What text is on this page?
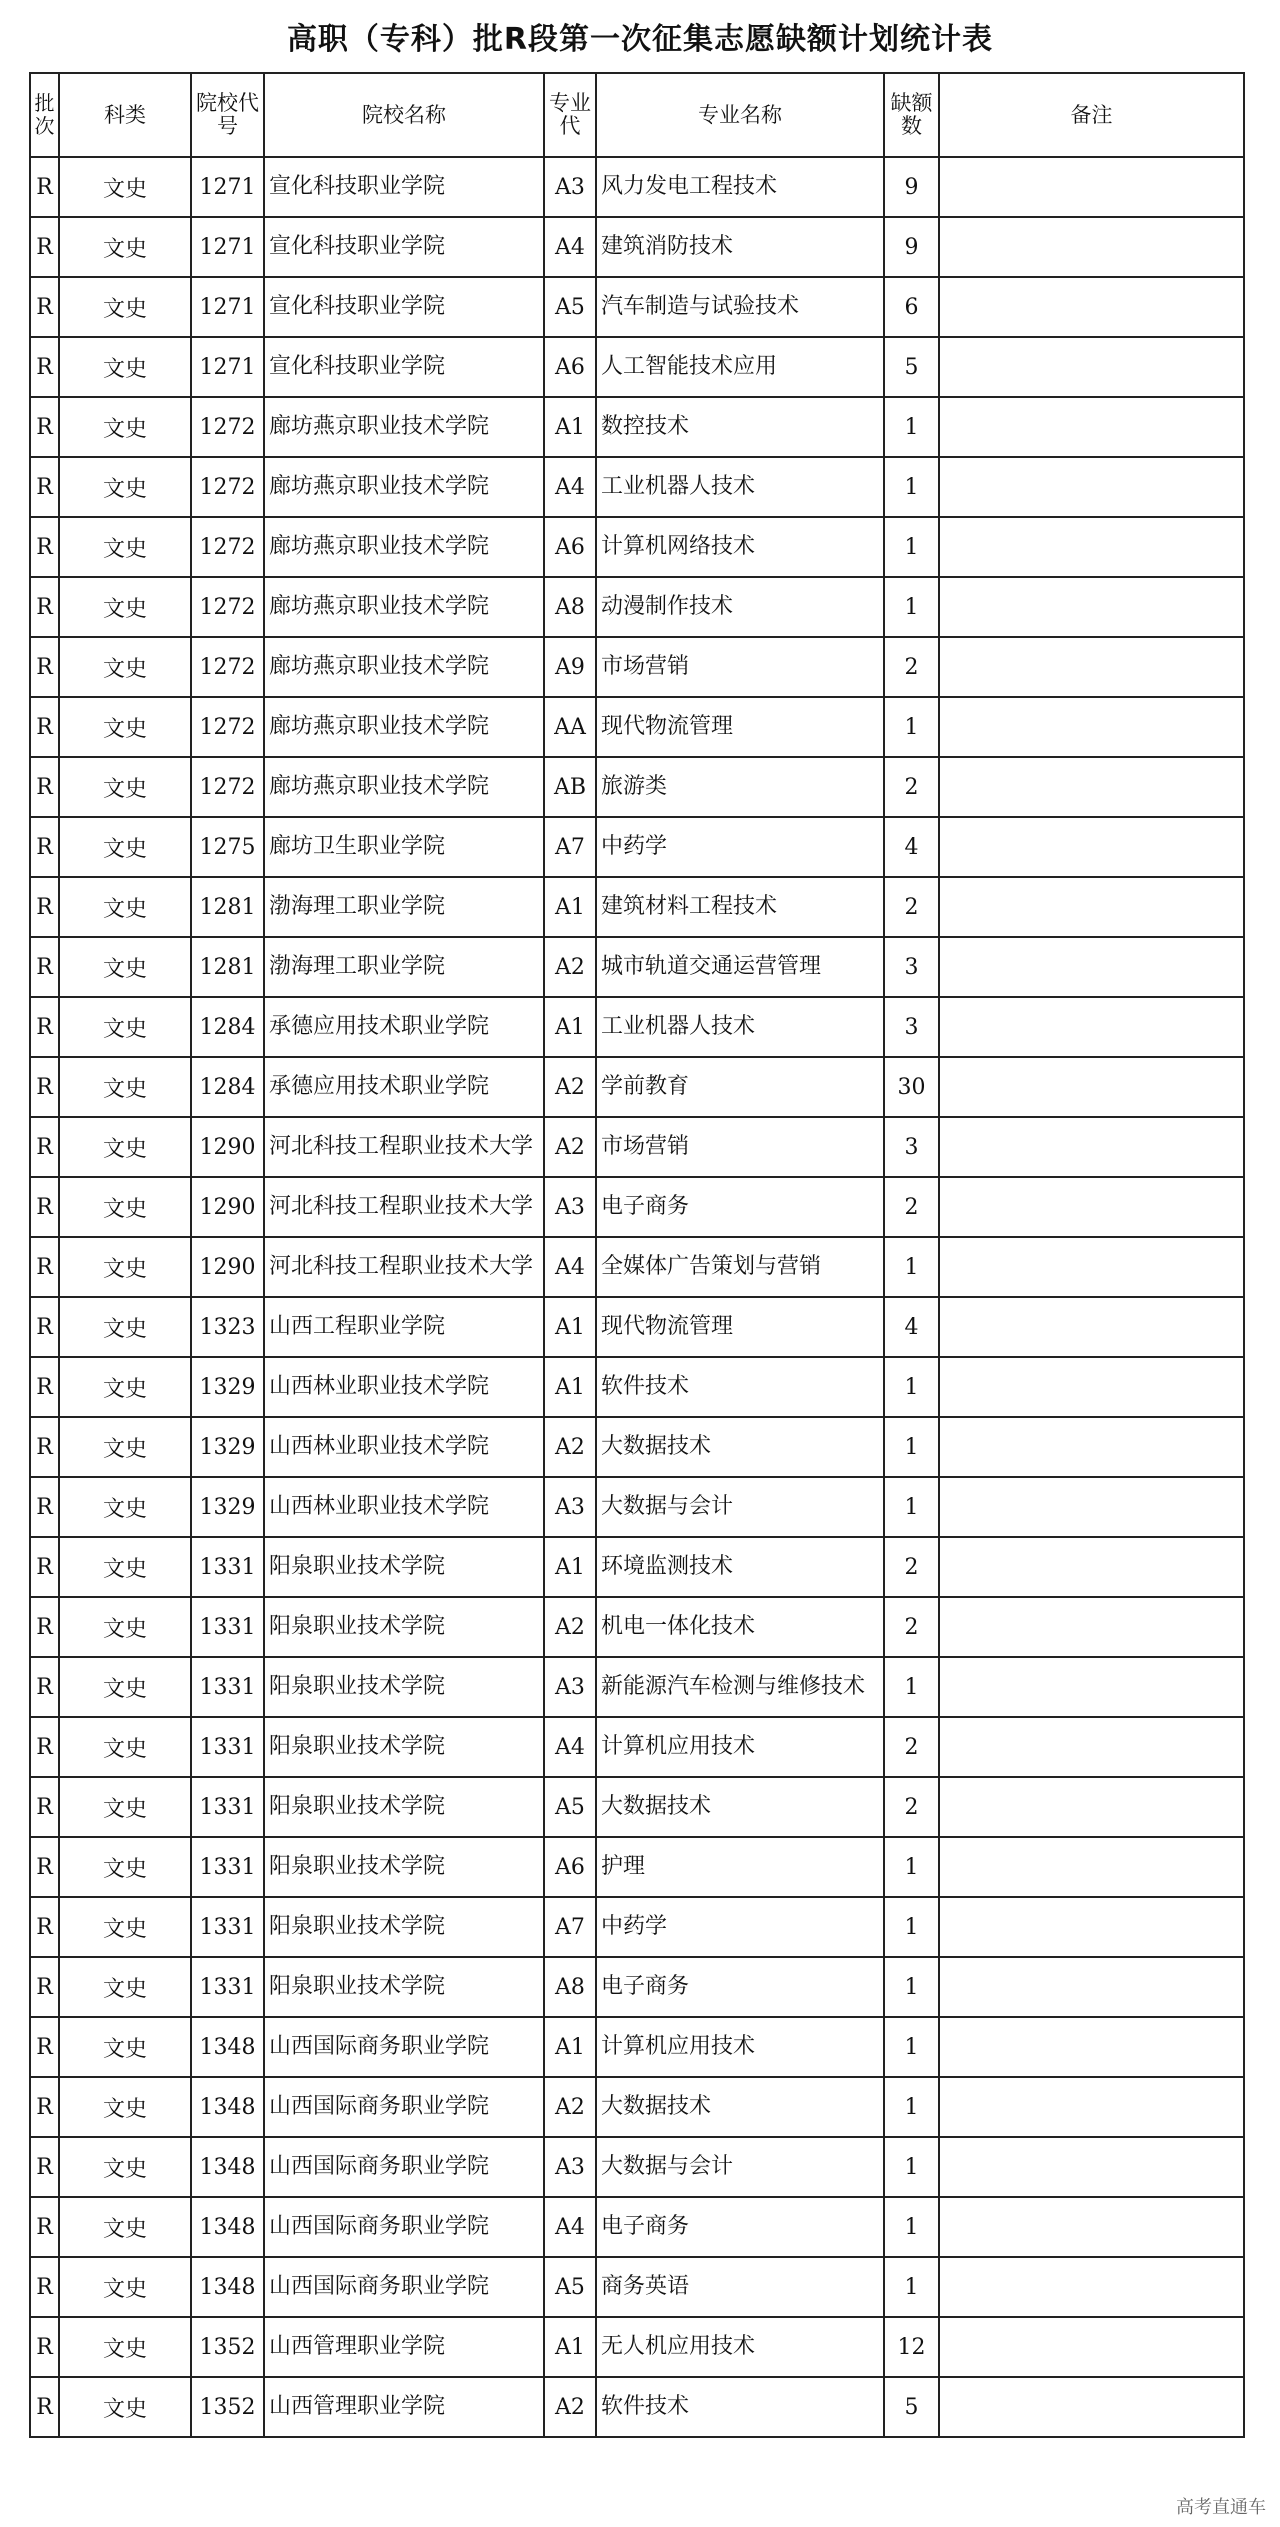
高职（专科）批R段第一次征集志愿缺额计划统计表
批次	科类	院校代号	院校名称	专业代	专业名称	缺额数	备注
R	文史	1271	宣化科技职业学院	A3	风力发电工程技术	9	
R	文史	1271	宣化科技职业学院	A4	建筑消防技术	9	
R	文史	1271	宣化科技职业学院	A5	汽车制造与试验技术	6	
R	文史	1271	宣化科技职业学院	A6	人工智能技术应用	5	
R	文史	1272	廊坊燕京职业技术学院	A1	数控技术	1	
R	文史	1272	廊坊燕京职业技术学院	A4	工业机器人技术	1	
R	文史	1272	廊坊燕京职业技术学院	A6	计算机网络技术	1	
R	文史	1272	廊坊燕京职业技术学院	A8	动漫制作技术	1	
R	文史	1272	廊坊燕京职业技术学院	A9	市场营销	2	
R	文史	1272	廊坊燕京职业技术学院	AA	现代物流管理	1	
R	文史	1272	廊坊燕京职业技术学院	AB	旅游类	2	
R	文史	1275	廊坊卫生职业学院	A7	中药学	4	
R	文史	1281	渤海理工职业学院	A1	建筑材料工程技术	2	
R	文史	1281	渤海理工职业学院	A2	城市轨道交通运营管理	3	
R	文史	1284	承德应用技术职业学院	A1	工业机器人技术	3	
R	文史	1284	承德应用技术职业学院	A2	学前教育	30	
R	文史	1290	河北科技工程职业技术大学	A2	市场营销	3	
R	文史	1290	河北科技工程职业技术大学	A3	电子商务	2	
R	文史	1290	河北科技工程职业技术大学	A4	全媒体广告策划与营销	1	
R	文史	1323	山西工程职业学院	A1	现代物流管理	4	
R	文史	1329	山西林业职业技术学院	A1	软件技术	1	
R	文史	1329	山西林业职业技术学院	A2	大数据技术	1	
R	文史	1329	山西林业职业技术学院	A3	大数据与会计	1	
R	文史	1331	阳泉职业技术学院	A1	环境监测技术	2	
R	文史	1331	阳泉职业技术学院	A2	机电一体化技术	2	
R	文史	1331	阳泉职业技术学院	A3	新能源汽车检测与维修技术	1	
R	文史	1331	阳泉职业技术学院	A4	计算机应用技术	2	
R	文史	1331	阳泉职业技术学院	A5	大数据技术	2	
R	文史	1331	阳泉职业技术学院	A6	护理	1	
R	文史	1331	阳泉职业技术学院	A7	中药学	1	
R	文史	1331	阳泉职业技术学院	A8	电子商务	1	
R	文史	1348	山西国际商务职业学院	A1	计算机应用技术	1	
R	文史	1348	山西国际商务职业学院	A2	大数据技术	1	
R	文史	1348	山西国际商务职业学院	A3	大数据与会计	1	
R	文史	1348	山西国际商务职业学院	A4	电子商务	1	
R	文史	1348	山西国际商务职业学院	A5	商务英语	1	
R	文史	1352	山西管理职业学院	A1	无人机应用技术	12	
R	文史	1352	山西管理职业学院	A2	软件技术	5	
高考直通车
